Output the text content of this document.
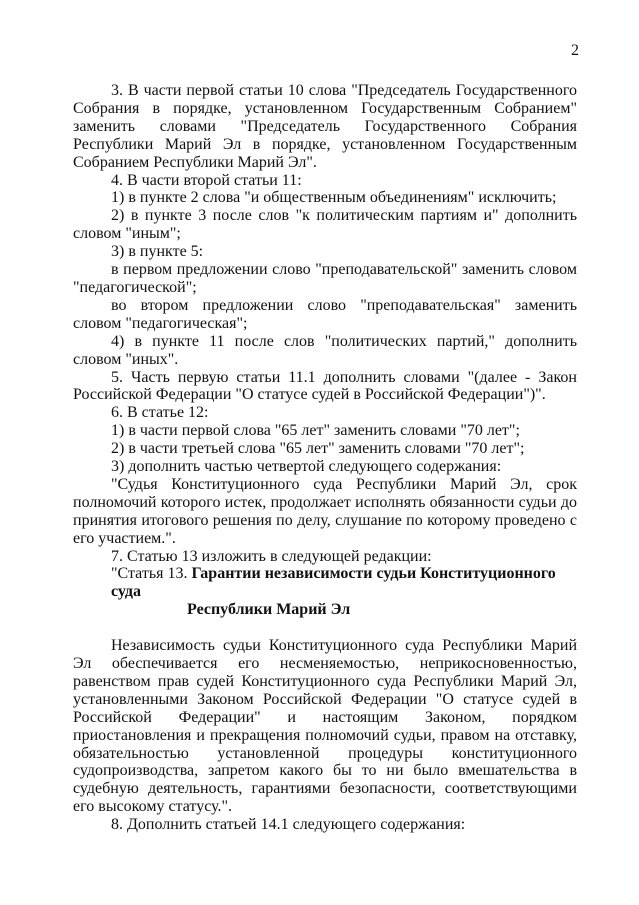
2

3. В части первой статьи 10 слова "Председатель Государственного Собрания в порядке, установленном Государственным Собранием" заменить словами "Председатель Государственного Собрания Республики Марий Эл в порядке, установленном Государственным Собранием Республики Марий Эл".

4. В части второй статьи 11:

1) в пункте 2 слова "и общественным объединениям" исключить;

2) в пункте 3 после слов "к политическим партиям и" дополнить словом "иным";

3) в пункте 5:

в первом предложении слово "преподавательской" заменить словом "педагогической";

во втором предложении слово "преподавательская" заменить словом "педагогическая";

4) в пункте 11 после слов "политических партий," дополнить словом "иных".

5. Часть первую статьи 11.1 дополнить словами "(далее - Закон Российской Федерации "О статусе судей в Российской Федерации")".

6. В статье 12:

1) в части первой слова "65 лет" заменить словами "70 лет";

2) в части третьей слова "65 лет" заменить словами "70 лет";

3) дополнить частью четвертой следующего содержания:

"Судья Конституционного суда Республики Марий Эл, срок полномочий которого истек, продолжает исполнять обязанности судьи до принятия итогового решения по делу, слушание по которому проведено с его участием.".

7. Статью 13 изложить в следующей редакции:

"Статья 13. Гарантии независимости судьи Конституционного суда
Республики Марий Эл

Независимость судьи Конституционного суда Республики Марий Эл обеспечивается его несменяемостью, неприкосновенностью, равенством прав судей Конституционного суда Республики Марий Эл, установленными Законом Российской Федерации "О статусе судей в Российской Федерации" и настоящим Законом, порядком приостановления и прекращения полномочий судьи, правом на отставку, обязательностью установленной процедуры конституционного судопроизводства, запретом какого бы то ни было вмешательства в судебную деятельность, гарантиями безопасности, соответствующими его высокому статусу.".

8. Дополнить статьей 14.1 следующего содержания:
